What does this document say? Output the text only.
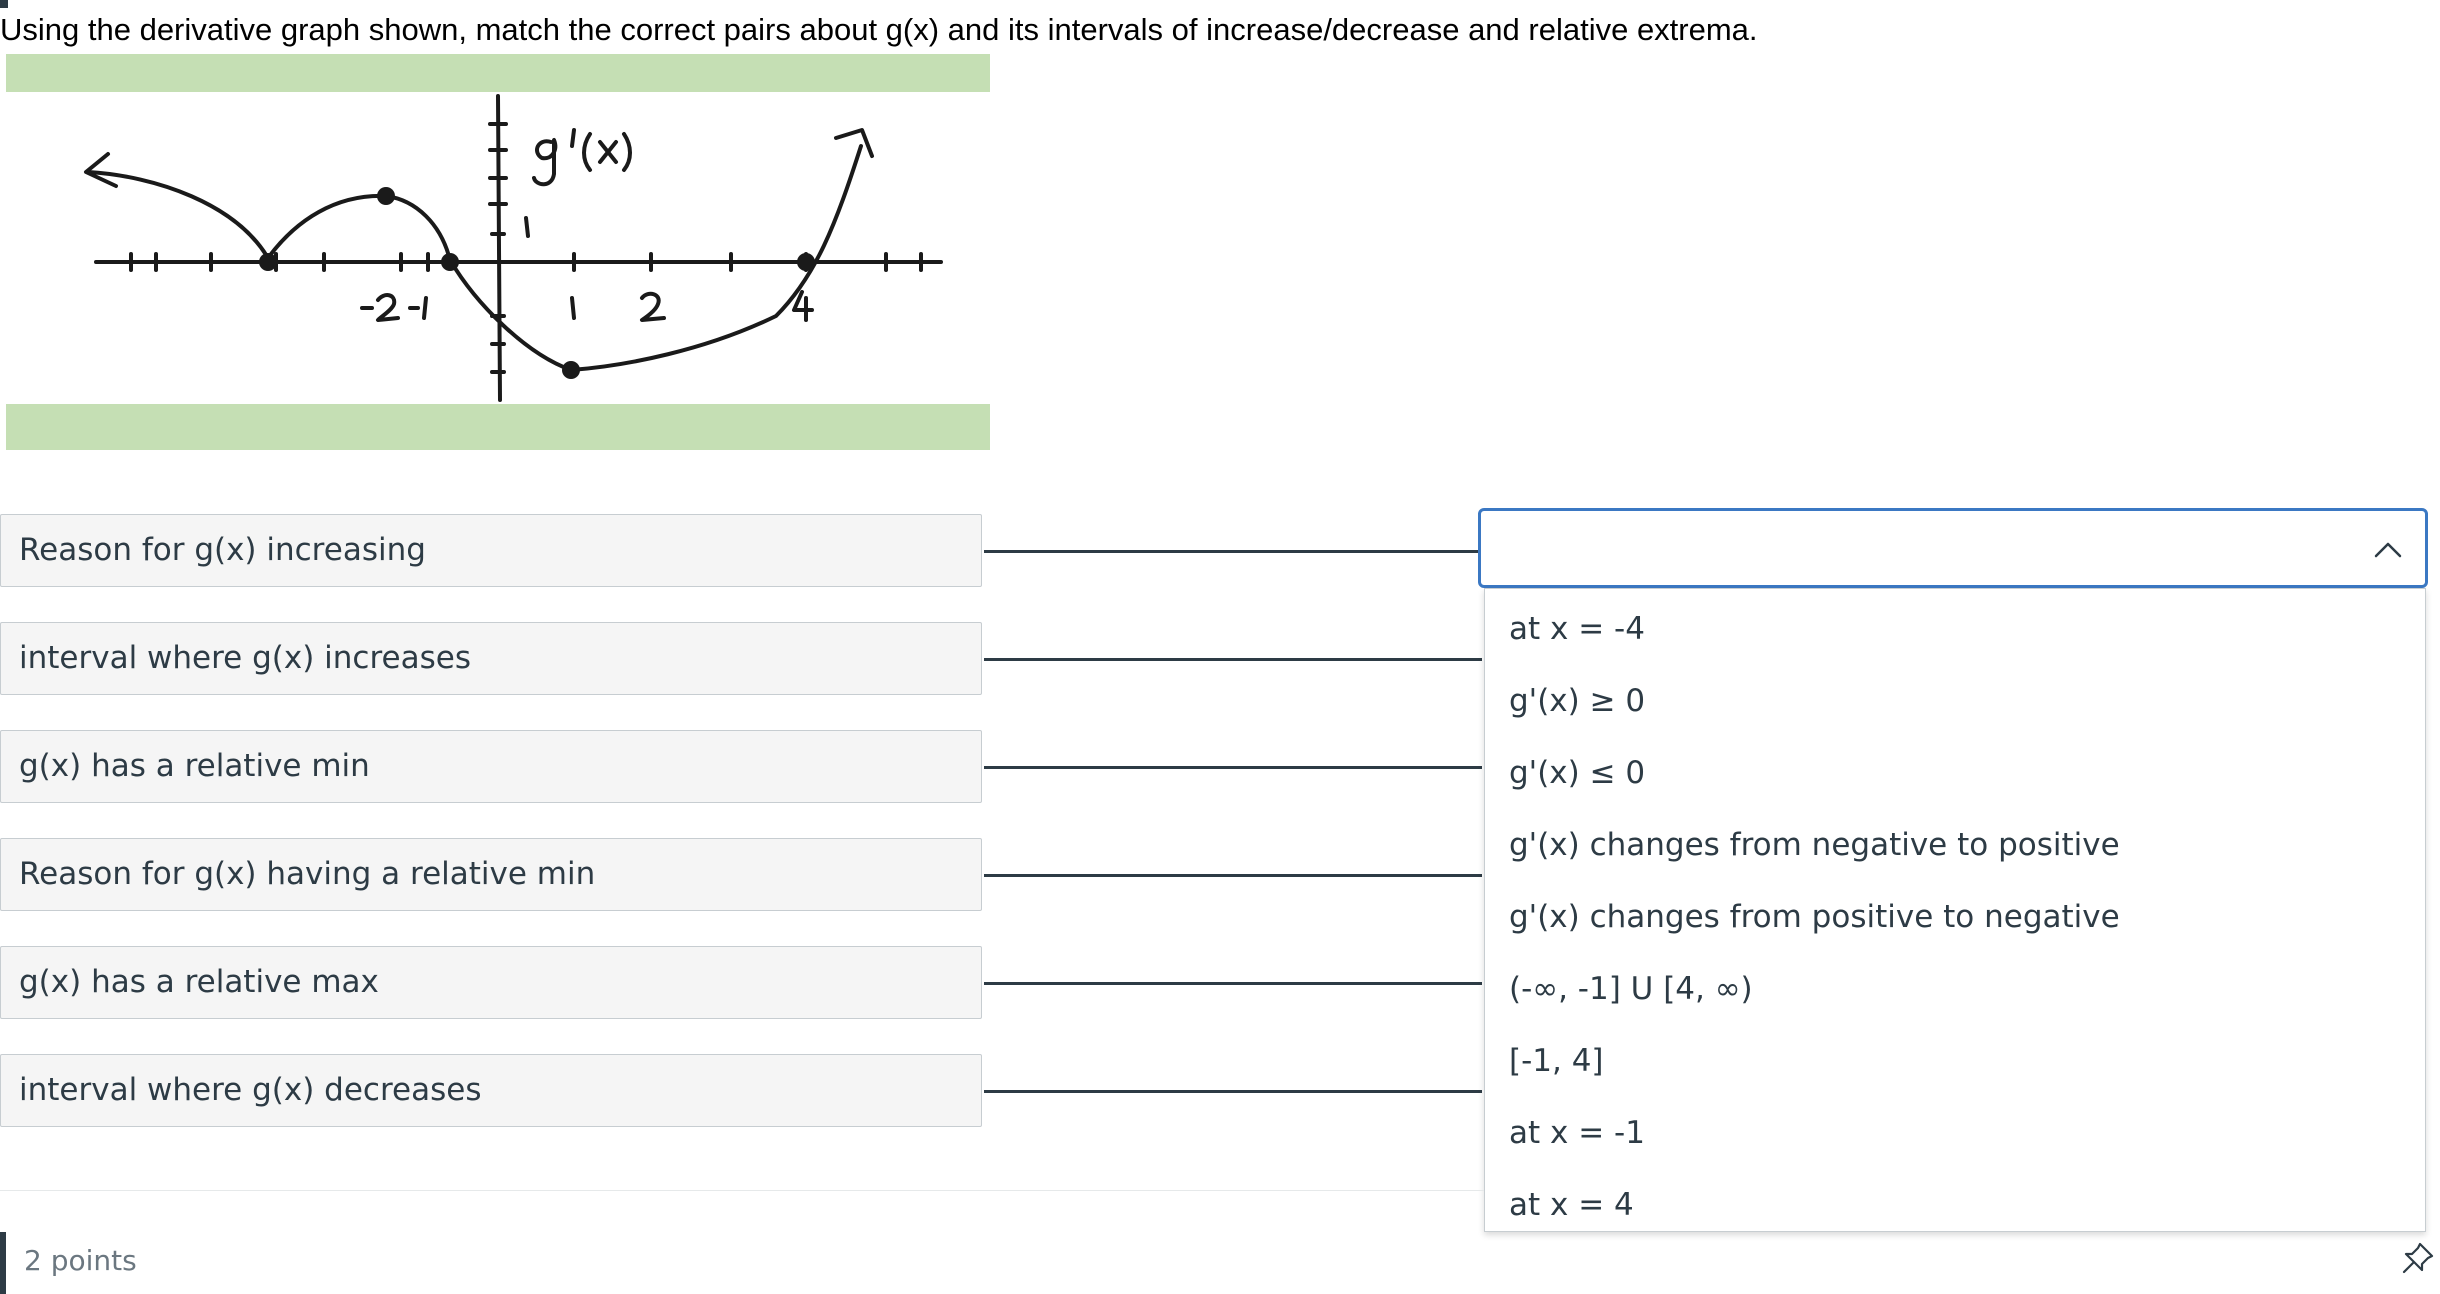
Using the derivative graph shown, match the correct pairs about g(x) and its intervals of increase/decrease and relative extrema.
Reason for g(x) increasing
interval where g(x) increases
g(x) has a relative min
Reason for g(x) having a relative min
g(x) has a relative max
interval where g(x) decreases
at x = -4
g'(x) ≥ 0
g'(x) ≤ 0
g'(x) changes from negative to positive
g'(x) changes from positive to negative
(-∞, -1] U [4, ∞)
[-1, 4]
at x = -1
at x = 4
2 points
